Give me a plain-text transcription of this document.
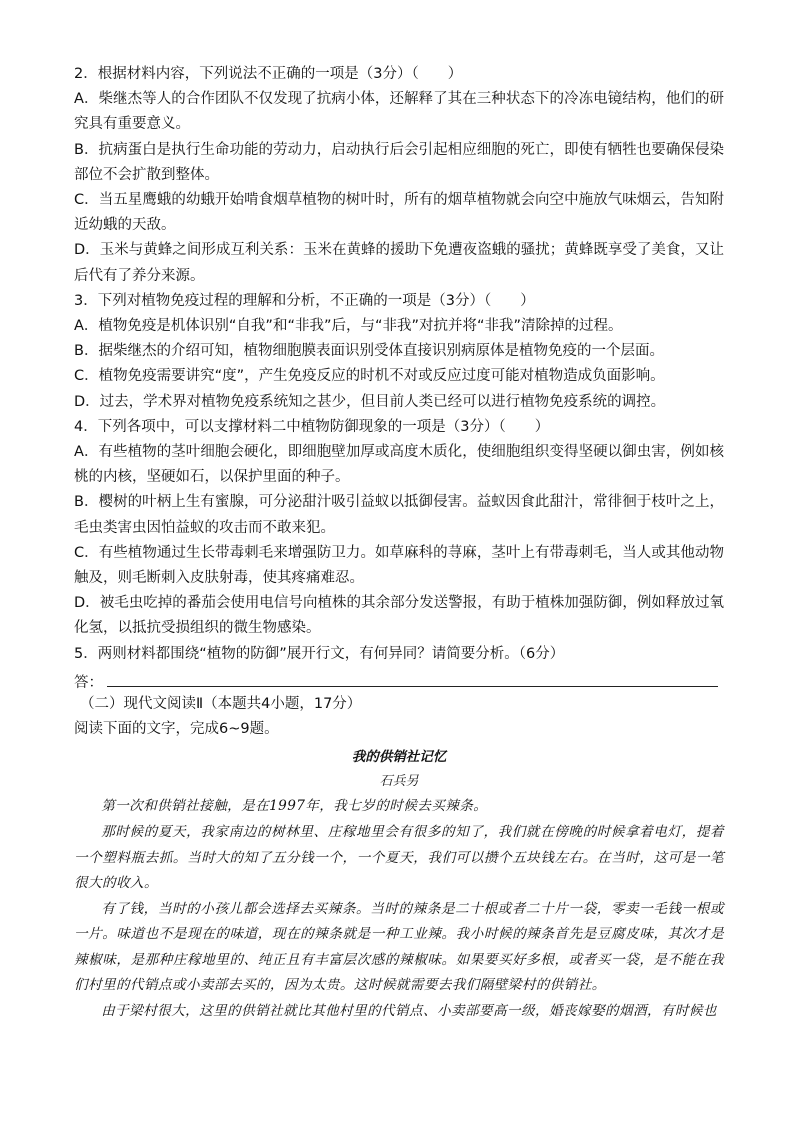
2．根据材料内容，下列说法不正确的一项是（3分）（　　）
A．柴继杰等人的合作团队不仅发现了抗病小体，还解释了其在三种状态下的冷冻电镜结构，他们的研究具有重要意义。
B．抗病蛋白是执行生命功能的劳动力，启动执行后会引起相应细胞的死亡，即使有牺牲也要确保侵染部位不会扩散到整体。
C．当五星鹰蛾的幼蛾开始啃食烟草植物的树叶时，所有的烟草植物就会向空中施放气味烟云，告知附近幼蛾的天敌。
D．玉米与黄蜂之间形成互利关系：玉米在黄蜂的援助下免遭夜盗蛾的骚扰；黄蜂既享受了美食，又让后代有了养分来源。
3．下列对植物免疫过程的理解和分析，不正确的一项是（3分）（　　）
A．植物免疫是机体识别“自我”和“非我”后，与“非我”对抗并将“非我”清除掉的过程。
B．据柴继杰的介绍可知，植物细胞膜表面识别受体直接识别病原体是植物免疫的一个层面。
C．植物免疫需要讲究“度”，产生免疫反应的时机不对或反应过度可能对植物造成负面影响。
D．过去，学术界对植物免疫系统知之甚少，但目前人类已经可以进行植物免疫系统的调控。
4．下列各项中，可以支撑材料二中植物防御现象的一项是（3分）（　　）
A．有些植物的茎叶细胞会硬化，即细胞壁加厚或高度木质化，使细胞组织变得坚硬以御虫害，例如核桃的内核，坚硬如石，以保护里面的种子。
B．樱树的叶柄上生有蜜腺，可分泌甜汁吸引益蚁以抵御侵害。益蚁因食此甜汁，常徘徊于枝叶之上，毛虫类害虫因怕益蚁的攻击而不敢来犯。
C．有些植物通过生长带毒刺毛来增强防卫力。如草麻科的荨麻，茎叶上有带毒刺毛，当人或其他动物触及，则毛断刺入皮肤射毒，使其疼痛难忍。
D．被毛虫吃掉的番茄会使用电信号向植株的其余部分发送警报，有助于植株加强防御，例如释放过氧化氢，以抵抗受损组织的微生物感染。
5．两则材料都围绕“植物的防御”展开行文，有何异同？请简要分析。（6分）
答：
（二）现代文阅读Ⅱ（本题共4小题，17分）
阅读下面的文字，完成6~9题。
我的供销社记忆
石兵另
第一次和供销社接触，是在1997年，我七岁的时候去买辣条。
那时候的夏天，我家南边的树林里、庄稼地里会有很多的知了，我们就在傍晚的时候拿着电灯，提着一个塑料瓶去抓。当时大的知了五分钱一个，一个夏天，我们可以攒个五块钱左右。在当时，这可是一笔很大的收入。
有了钱，当时的小孩儿都会选择去买辣条。当时的辣条是二十根或者二十片一袋，零卖一毛钱一根或一片。味道也不是现在的味道，现在的辣条就是一种工业辣。我小时候的辣条首先是豆腐皮味，其次才是辣椒味，是那种庄稼地里的、纯正且有丰富层次感的辣椒味。如果要买好多根，或者买一袋，是不能在我们村里的代销点或小卖部去买的，因为太贵。这时候就需要去我们隔壁梁村的供销社。
由于梁村很大，这里的供销社就比其他村里的代销点、小卖部要高一级，婚丧嫁娶的烟酒，有时候也
